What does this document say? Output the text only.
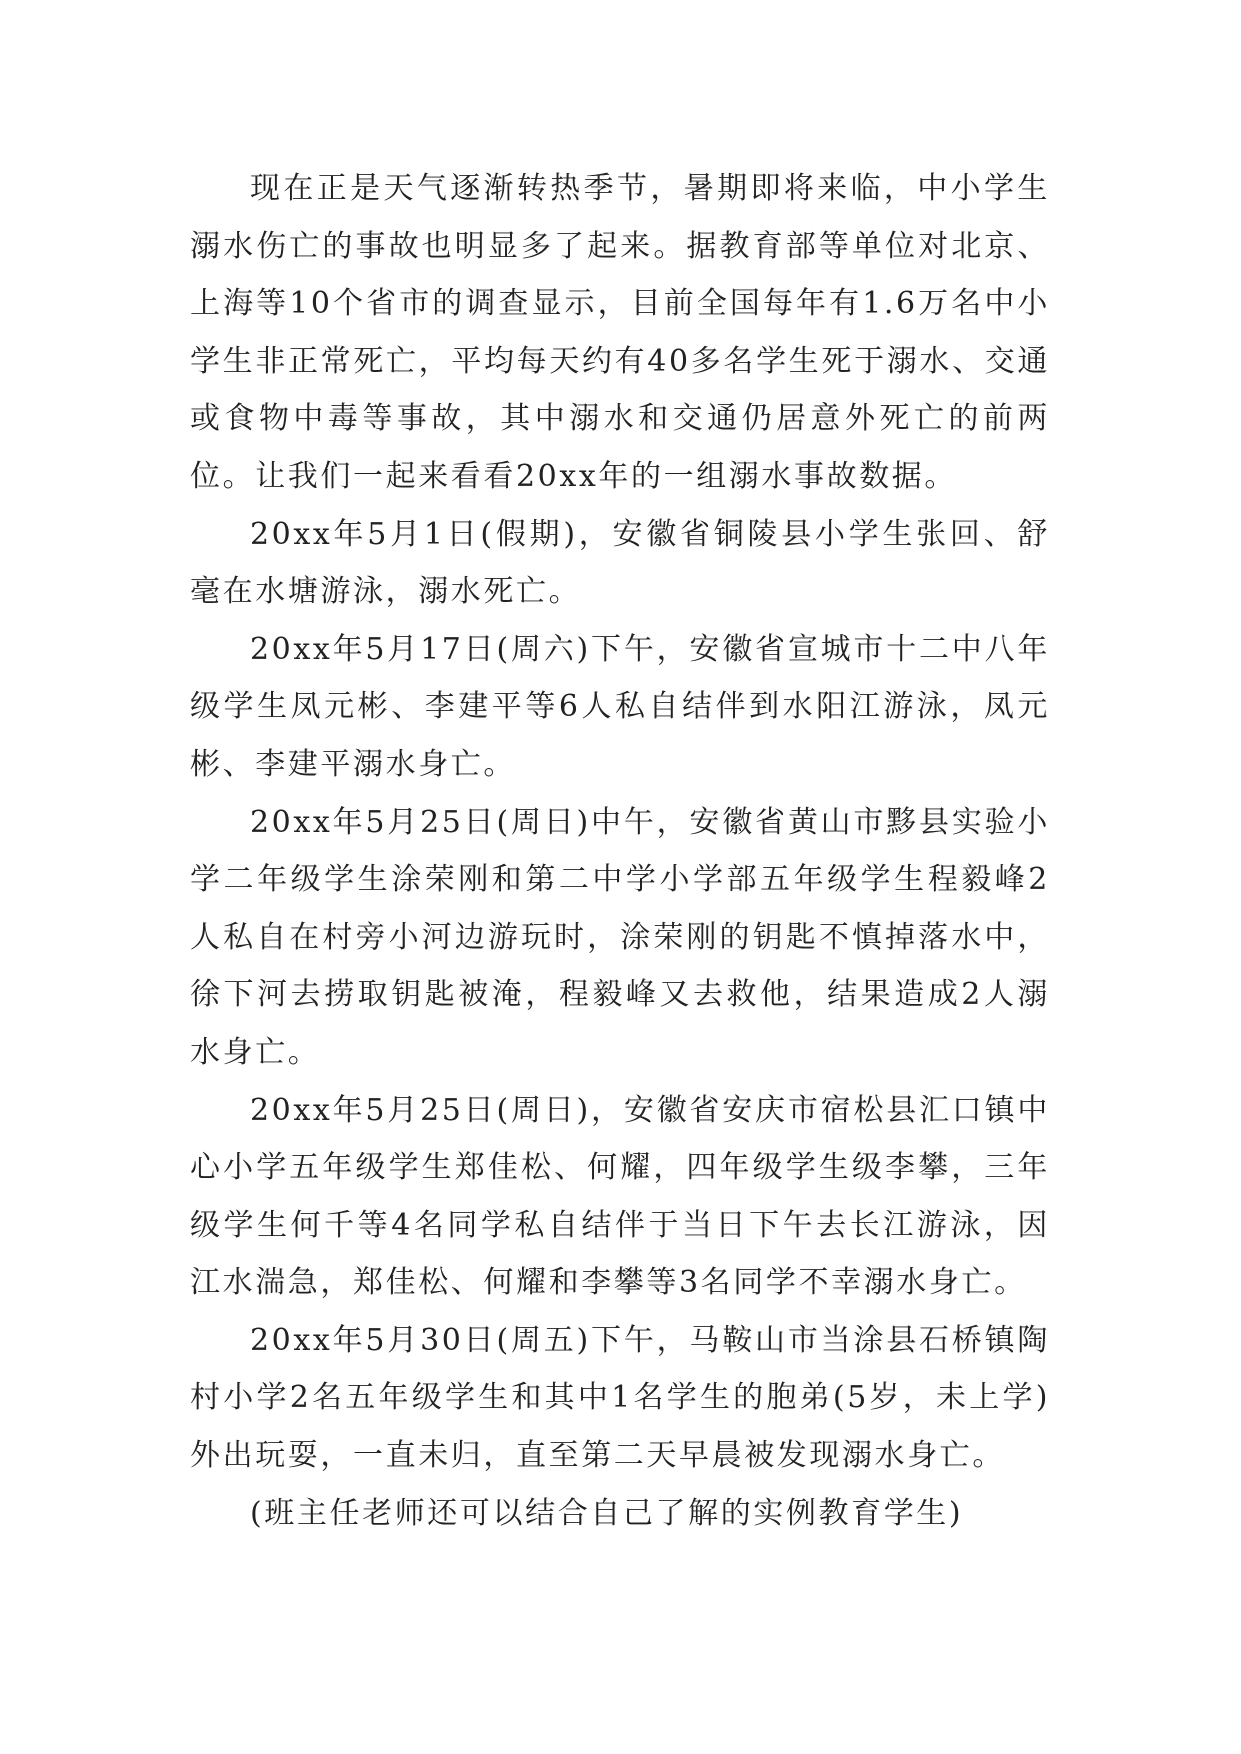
现在正是天气逐渐转热季节，暑期即将来临，中小学生溺水伤亡的事故也明显多了起来。据教育部等单位对北京、上海等10个省市的调查显示，目前全国每年有1.6万名中小学生非正常死亡，平均每天约有40多名学生死于溺水、交通或食物中毒等事故，其中溺水和交通仍居意外死亡的前两位。让我们一起来看看20xx年的一组溺水事故数据。

20xx年5月1日(假期)，安徽省铜陵县小学生张回、舒毫在水塘游泳，溺水死亡。

20xx年5月17日(周六)下午，安徽省宣城市十二中八年级学生凤元彬、李建平等6人私自结伴到水阳江游泳，凤元彬、李建平溺水身亡。

20xx年5月25日(周日)中午，安徽省黄山市黟县实验小学二年级学生涂荣刚和第二中学小学部五年级学生程毅峰2人私自在村旁小河边游玩时，涂荣刚的钥匙不慎掉落水中，徐下河去捞取钥匙被淹，程毅峰又去救他，结果造成2人溺水身亡。

20xx年5月25日(周日)，安徽省安庆市宿松县汇口镇中心小学五年级学生郑佳松、何耀，四年级学生级李攀，三年级学生何千等4名同学私自结伴于当日下午去长江游泳，因江水湍急，郑佳松、何耀和李攀等3名同学不幸溺水身亡。

20xx年5月30日(周五)下午，马鞍山市当涂县石桥镇陶村小学2名五年级学生和其中1名学生的胞弟(5岁，未上学)外出玩耍，一直未归，直至第二天早晨被发现溺水身亡。

(班主任老师还可以结合自己了解的实例教育学生)
